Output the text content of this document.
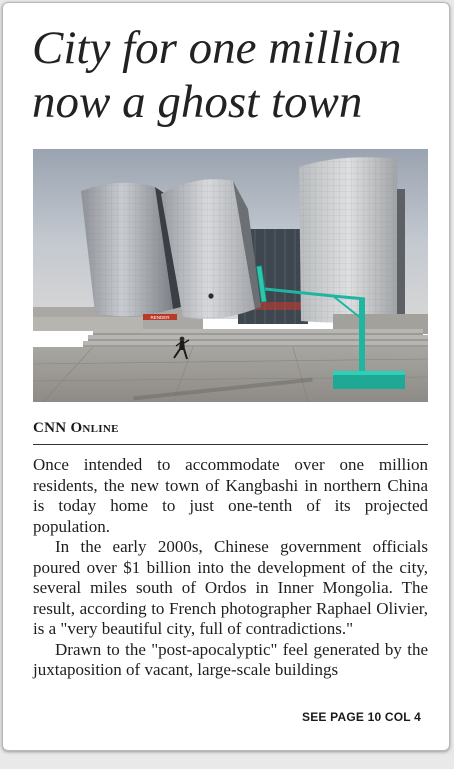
City for one million
now a ghost town
RENDER
CNN Online

Once intended to accommodate over one million residents, the new town of Kangbashi in northern China is today home to just one-tenth of its projected population.

In the early 2000s, Chinese government officials poured over $1 billion into the development of the city, several miles south of Ordos in Inner Mongolia. The result, according to French photographer Raphael Olivier, is a "very beautiful city, full of contradictions."

Drawn to the "post-apocalyptic" feel generated by the juxtaposition of vacant, large-scale buildings

SEE PAGE 10 COL 4
